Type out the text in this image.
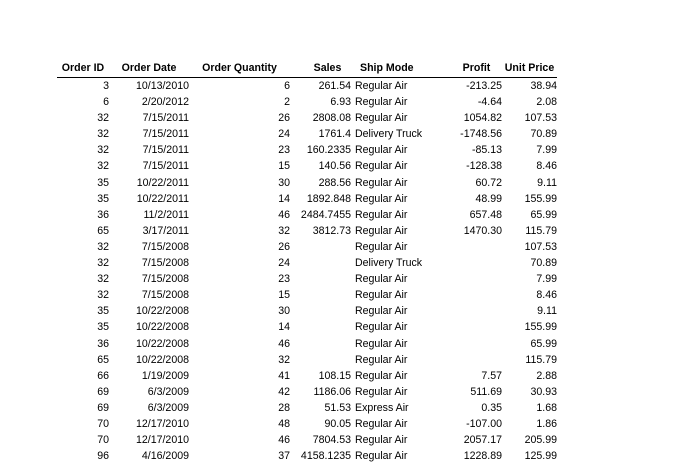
Order ID	Order Date	Order Quantity	Sales	Ship Mode	Profit	Unit Price
3	10/13/2010	6	261.54	Regular Air	-213.25	38.94
6	2/20/2012	2	6.93	Regular Air	-4.64	2.08
32	7/15/2011	26	2808.08	Regular Air	1054.82	107.53
32	7/15/2011	24	1761.4	Delivery Truck	-1748.56	70.89
32	7/15/2011	23	160.2335	Regular Air	-85.13	7.99
32	7/15/2011	15	140.56	Regular Air	-128.38	8.46
35	10/22/2011	30	288.56	Regular Air	60.72	9.11
35	10/22/2011	14	1892.848	Regular Air	48.99	155.99
36	11/2/2011	46	2484.7455	Regular Air	657.48	65.99
65	3/17/2011	32	3812.73	Regular Air	1470.30	115.79
32	7/15/2008	26		Regular Air		107.53
32	7/15/2008	24		Delivery Truck		70.89
32	7/15/2008	23		Regular Air		7.99
32	7/15/2008	15		Regular Air		8.46
35	10/22/2008	30		Regular Air		9.11
35	10/22/2008	14		Regular Air		155.99
36	10/22/2008	46		Regular Air		65.99
65	10/22/2008	32		Regular Air		115.79
66	1/19/2009	41	108.15	Regular Air	7.57	2.88
69	6/3/2009	42	1186.06	Regular Air	511.69	30.93
69	6/3/2009	28	51.53	Express Air	0.35	1.68
70	12/17/2010	48	90.05	Regular Air	-107.00	1.86
70	12/17/2010	46	7804.53	Regular Air	2057.17	205.99
96	4/16/2009	37	4158.1235	Regular Air	1228.89	125.99
